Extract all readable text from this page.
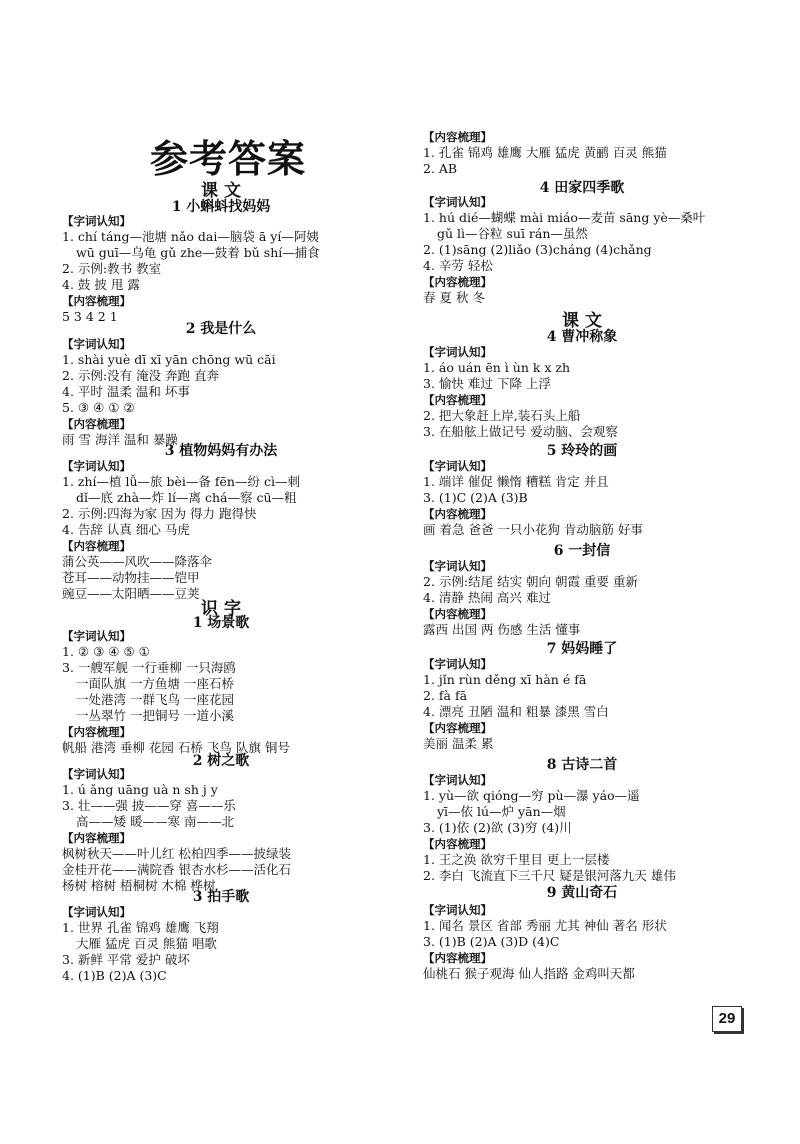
参考答案
课 文
1 小蝌蚪找妈妈
【字词认知】
1. chí táng—池塘 nǎo dai—脑袋 ā yí—阿姨
wū guī—乌龟 gǔ zhe—鼓着 bǔ shí—捕食
2. 示例:教书 教室
4. 鼓 披 甩 露
【内容梳理】
5 3 4 2 1
2 我是什么
【字词认知】
1. shài yuè dī xī yān chōng wū cāi
2. 示例:没有 淹没 奔跑 直奔
4. 平时 温柔 温和 坏事
5. ③ ④ ① ②
【内容梳理】
雨 雪 海洋 温和 暴躁
3 植物妈妈有办法
【字词认知】
1. zhí—植 lǚ—旅 bèi—备 fēn—纷 cì—刺
dǐ—底 zhà—炸 lí—离 chá—察 cū—粗
2. 示例:四海为家 因为 得力 跑得快
4. 告辞 认真 细心 马虎
【内容梳理】
蒲公英——风吹——降落伞
苍耳——动物挂——铠甲
豌豆——太阳晒——豆荚
识 字
1 场景歌
【字词认知】
1. ② ③ ④ ⑤ ①
3. 一艘军舰 一行垂柳 一只海鸥
一面队旗 一方鱼塘 一座石桥
一处港湾 一群飞鸟 一座花园
一丛翠竹 一把铜号 一道小溪
【内容梳理】
帆船 港湾 垂柳 花园 石桥 飞鸟 队旗 铜号
2 树之歌
【字词认知】
1. ú ǎng uāng uà n sh j y
3. 壮——强 披——穿 喜——乐
高——矮 暖——寒 南——北
【内容梳理】
枫树秋天——叶儿红 松柏四季——披绿装
金桂开花——满院香 银杏水杉——活化石
杨树 榕树 梧桐树 木棉 桦树
3 拍手歌
【字词认知】
1. 世界 孔雀 锦鸡 雄鹰 飞翔
大雁 猛虎 百灵 熊猫 唱歌
3. 新鲜 平常 爱护 破坏
4. (1)B (2)A (3)C
【内容梳理】
1. 孔雀 锦鸡 雄鹰 大雁 猛虎 黄鹂 百灵 熊猫
2. AB
4 田家四季歌
【字词认知】
1. hú dié—蝴蝶 mài miáo—麦苗 sāng yè—桑叶
gǔ lì—谷粒 suī rán—虽然
2. (1)sāng (2)liǎo (3)cháng (4)chǎng
4. 辛劳 轻松
【内容梳理】
春 夏 秋 冬
课 文
4 曹冲称象
【字词认知】
1. áo uán ēn ì ùn k x zh
3. 愉快 难过 下降 上浮
【内容梳理】
2. 把大象赶上岸,装石头上船
3. 在船舷上做记号 爱动脑、会观察
5 玲玲的画
【字词认知】
1. 端详 催促 懒惰 糟糕 肯定 并且
3. (1)C (2)A (3)B
【内容梳理】
画 着急 爸爸 一只小花狗 肯动脑筋 好事
6 一封信
【字词认知】
2. 示例:结尾 结实 朝向 朝霞 重要 重新
4. 清静 热闹 高兴 难过
【内容梳理】
露西 出国 两 伤感 生活 懂事
7 妈妈睡了
【字词认知】
1. jǐn rùn děng xī hàn é fā
2. fà fā
4. 漂亮 丑陋 温和 粗暴 漆黑 雪白
【内容梳理】
美丽 温柔 累
8 古诗二首
【字词认知】
1. yù—欲 qióng—穷 pù—瀑 yáo—遥
yī—依 lú—炉 yān—烟
3. (1)依 (2)欲 (3)穷 (4)川
【内容梳理】
1. 王之涣 欲穷千里目 更上一层楼
2. 李白 飞流直下三千尺 疑是银河落九天 雄伟
9 黄山奇石
【字词认知】
1. 闻名 景区 省部 秀丽 尤其 神仙 著名 形状
3. (1)B (2)A (3)D (4)C
【内容梳理】
仙桃石 猴子观海 仙人指路 金鸡叫天都
29
